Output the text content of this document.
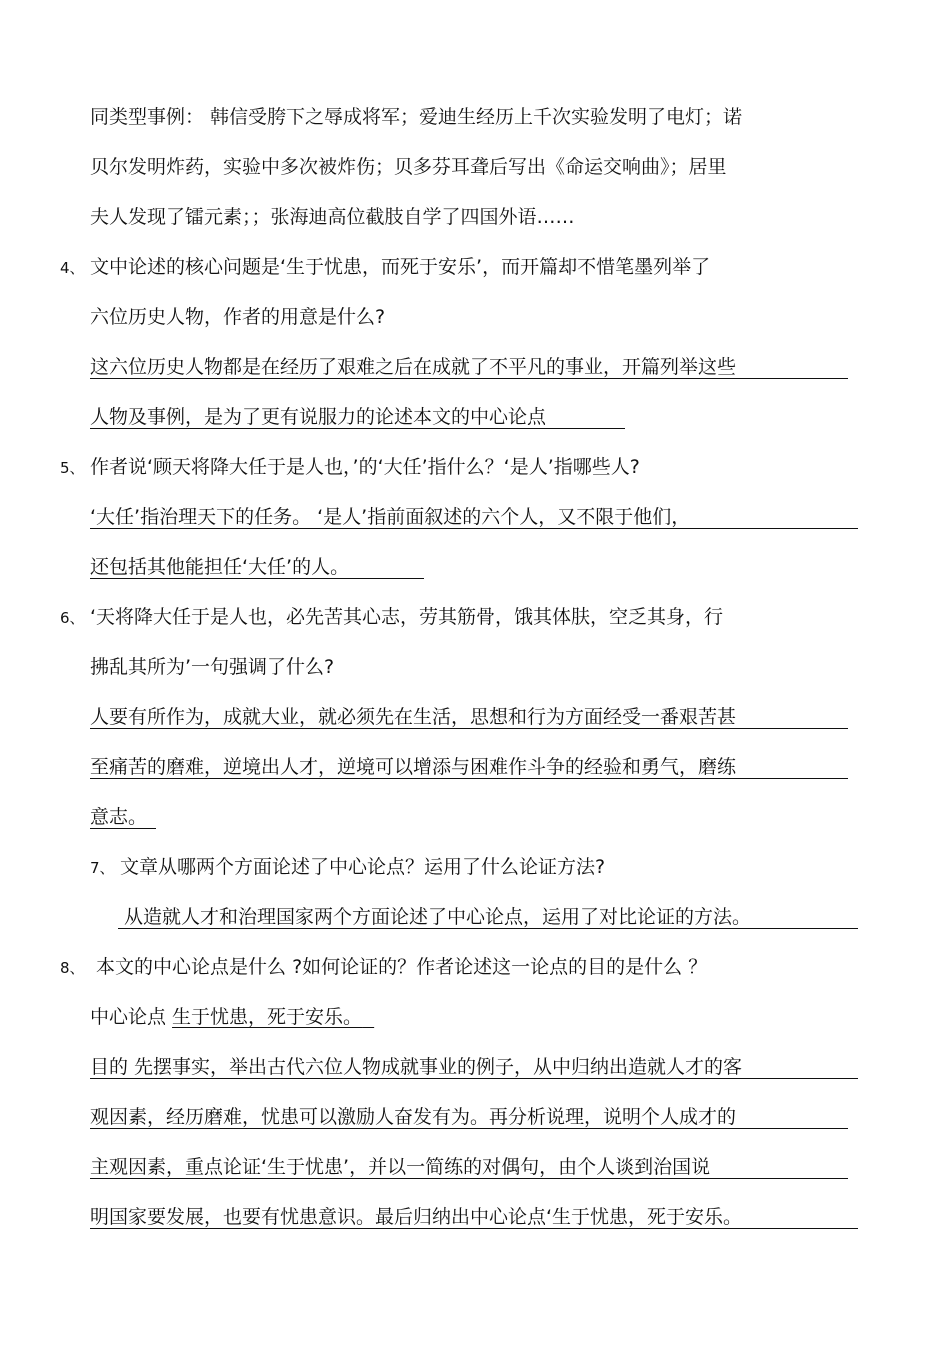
同类型事例： 韩信受胯下之辱成将军；爱迪生经历上千次实验发明了电灯；诺
贝尔发明炸药，实验中多次被炸伤；贝多芬耳聋后写出《命运交响曲》；居里
夫人发现了镭元素；；张海迪高位截肢自学了四国外语……
4、 文中论述的核心问题是‘生于忧患，而死于安乐’，而开篇却不惜笔墨列举了
六位历史人物，作者的用意是什么?
这六位历史人物都是在经历了艰难之后在成就了不平凡的事业，开篇列举这些
人物及事例，是为了更有说服力的论述本文的中心论点
5、 作者说‘顾天将降大任于是人也，’的‘大任’指什么？‘是人’指哪些人?
‘大任’指治理天下的任务。 ‘是人’指前面叙述的六个人，又不限于他们，
还包括其他能担任‘大任’的人。
6、 ‘天将降大任于是人也，必先苦其心志，劳其筋骨，饿其体肤，空乏其身，行
拂乱其所为’一句强调了什么?
人要有所作为，成就大业，就必须先在生活，思想和行为方面经受一番艰苦甚
至痛苦的磨难，逆境出人才，逆境可以增添与困难作斗争的经验和勇气，磨练
意志。
7、 文章从哪两个方面论述了中心论点？运用了什么论证方法?
从造就人才和治理国家两个方面论述了中心论点，运用了对比论证的方法。
8、 本文的中心论点是什么 ?如何论证的？作者论述这一论点的目的是什么 ？
中心论点 生于忧患，死于安乐。
目的 先摆事实，举出古代六位人物成就事业的例子，从中归纳出造就人才的客
观因素，经历磨难，忧患可以激励人奋发有为。再分析说理，说明个人成才的
主观因素，重点论证‘生于忧患’，并以一简练的对偶句，由个人谈到治国说
明国家要发展，也要有忧患意识。最后归纳出中心论点‘生于忧患，死于安乐。
